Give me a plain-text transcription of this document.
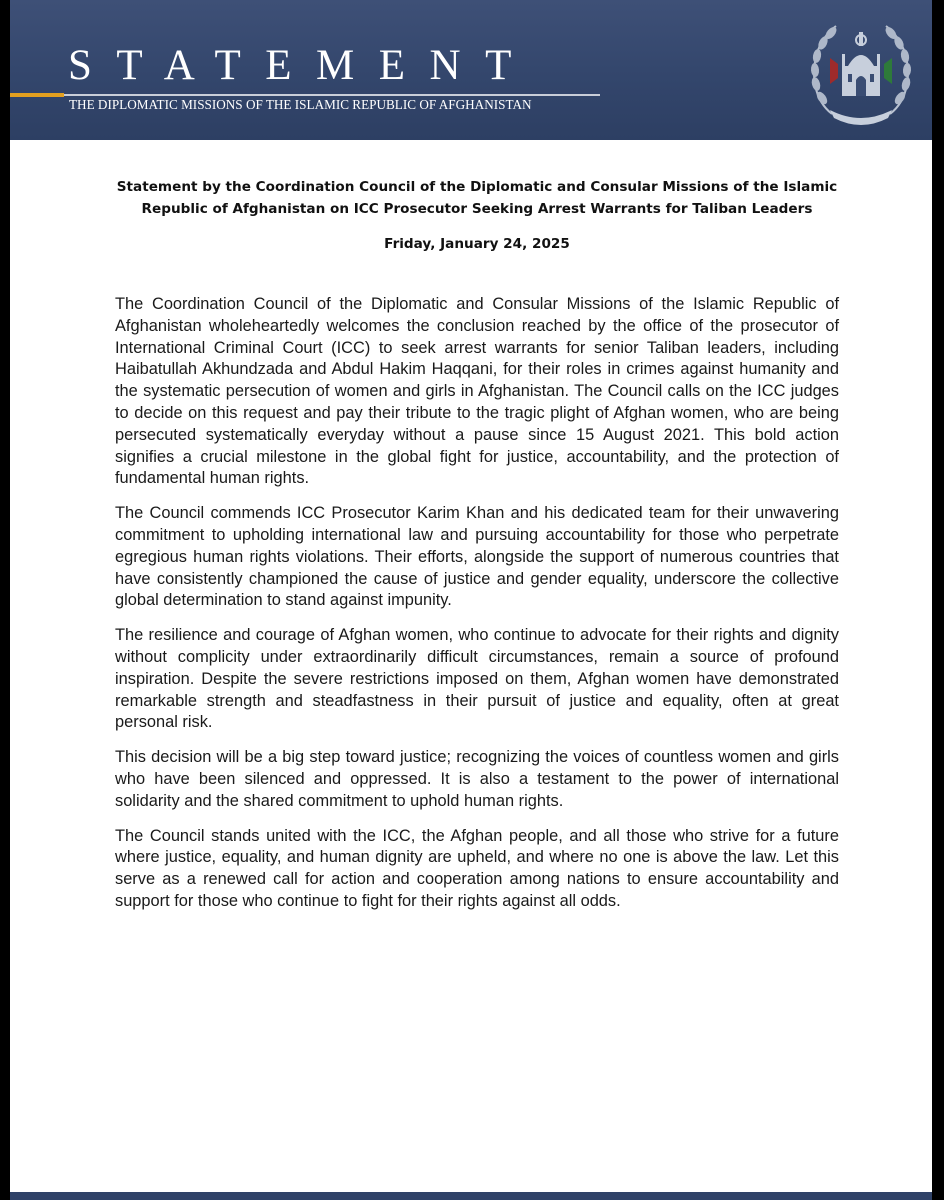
STATEMENT
THE DIPLOMATIC MISSIONS OF THE ISLAMIC REPUBLIC OF AFGHANISTAN
Statement by the Coordination Council of the Diplomatic and Consular Missions of the Islamic Republic of Afghanistan on ICC Prosecutor Seeking Arrest Warrants for Taliban Leaders
Friday, January 24, 2025

The Coordination Council of the Diplomatic and Consular Missions of the Islamic Republic of Afghanistan wholeheartedly welcomes the conclusion reached by the office of the prosecutor of International Criminal Court (ICC) to seek arrest warrants for senior Taliban leaders, including Haibatullah Akhundzada and Abdul Hakim Haqqani, for their roles in crimes against humanity and the systematic persecution of women and girls in Afghanistan. The Council calls on the ICC judges to decide on this request and pay their tribute to the tragic plight of Afghan women, who are being persecuted systematically everyday without a pause since 15 August 2021. This bold action signifies a crucial milestone in the global fight for justice, accountability, and the protection of fundamental human rights.

The Council commends ICC Prosecutor Karim Khan and his dedicated team for their unwavering commitment to upholding international law and pursuing accountability for those who perpetrate egregious human rights violations. Their efforts, alongside the support of numerous countries that have consistently championed the cause of justice and gender equality, underscore the collective global determination to stand against impunity.

The resilience and courage of Afghan women, who continue to advocate for their rights and dignity without complicity under extraordinarily difficult circumstances, remain a source of profound inspiration. Despite the severe restrictions imposed on them, Afghan women have demonstrated remarkable strength and steadfastness in their pursuit of justice and equality, often at great personal risk.

This decision will be a big step toward justice; recognizing the voices of countless women and girls who have been silenced and oppressed. It is also a testament to the power of international solidarity and the shared commitment to uphold human rights.

The Council stands united with the ICC, the Afghan people, and all those who strive for a future where justice, equality, and human dignity are upheld, and where no one is above the law. Let this serve as a renewed call for action and cooperation among nations to ensure accountability and support for those who continue to fight for their rights against all odds.
